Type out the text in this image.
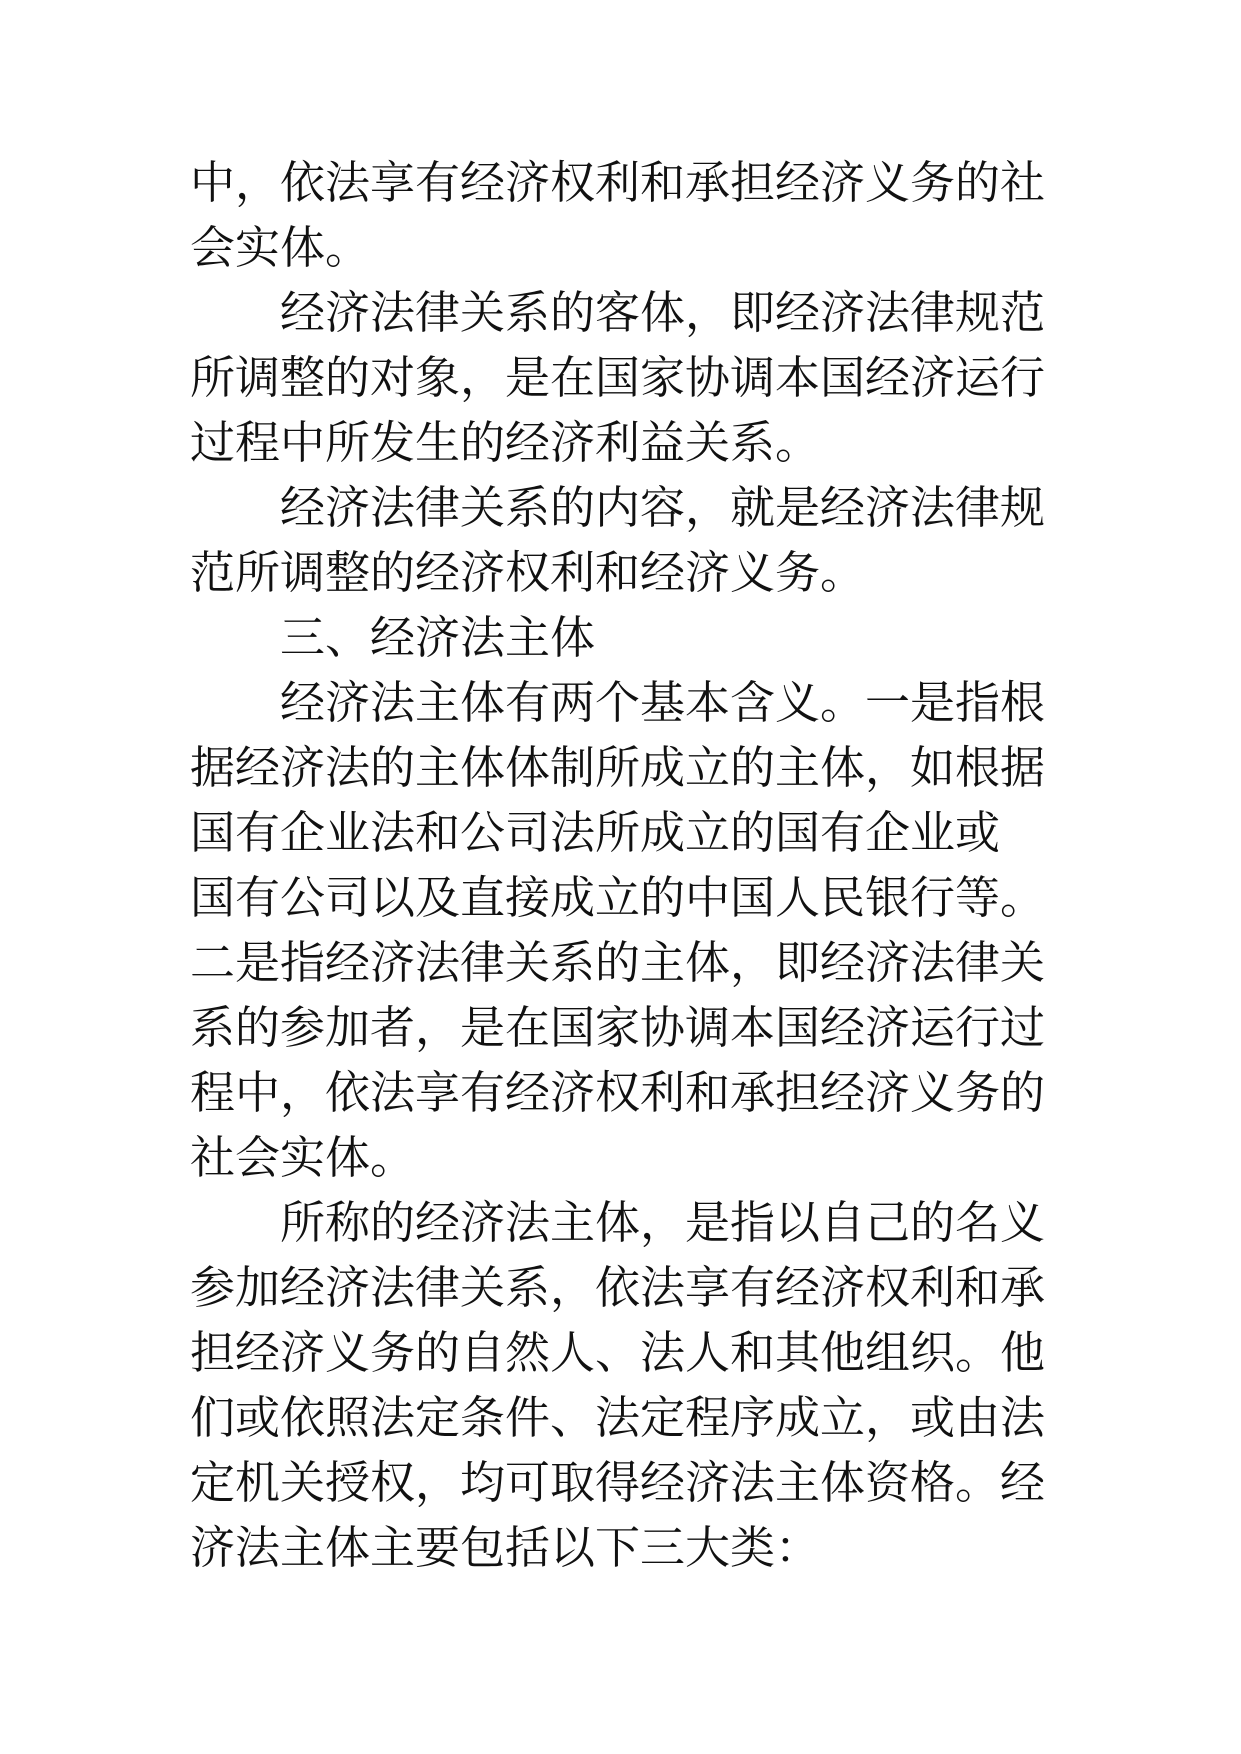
中，依法享有经济权利和承担经济义务的社
会实体。
经济法律关系的客体，即经济法律规范
所调整的对象，是在国家协调本国经济运行
过程中所发生的经济利益关系。
经济法律关系的内容，就是经济法律规
范所调整的经济权利和经济义务。
三、经济法主体
经济法主体有两个基本含义。一是指根
据经济法的主体体制所成立的主体，如根据
国有企业法和公司法所成立的国有企业或
国有公司以及直接成立的中国人民银行等。
二是指经济法律关系的主体，即经济法律关
系的参加者，是在国家协调本国经济运行过
程中，依法享有经济权利和承担经济义务的
社会实体。
所称的经济法主体，是指以自己的名义
参加经济法律关系，依法享有经济权利和承
担经济义务的自然人、法人和其他组织。他
们或依照法定条件、法定程序成立，或由法
定机关授权，均可取得经济法主体资格。经
济法主体主要包括以下三大类：
